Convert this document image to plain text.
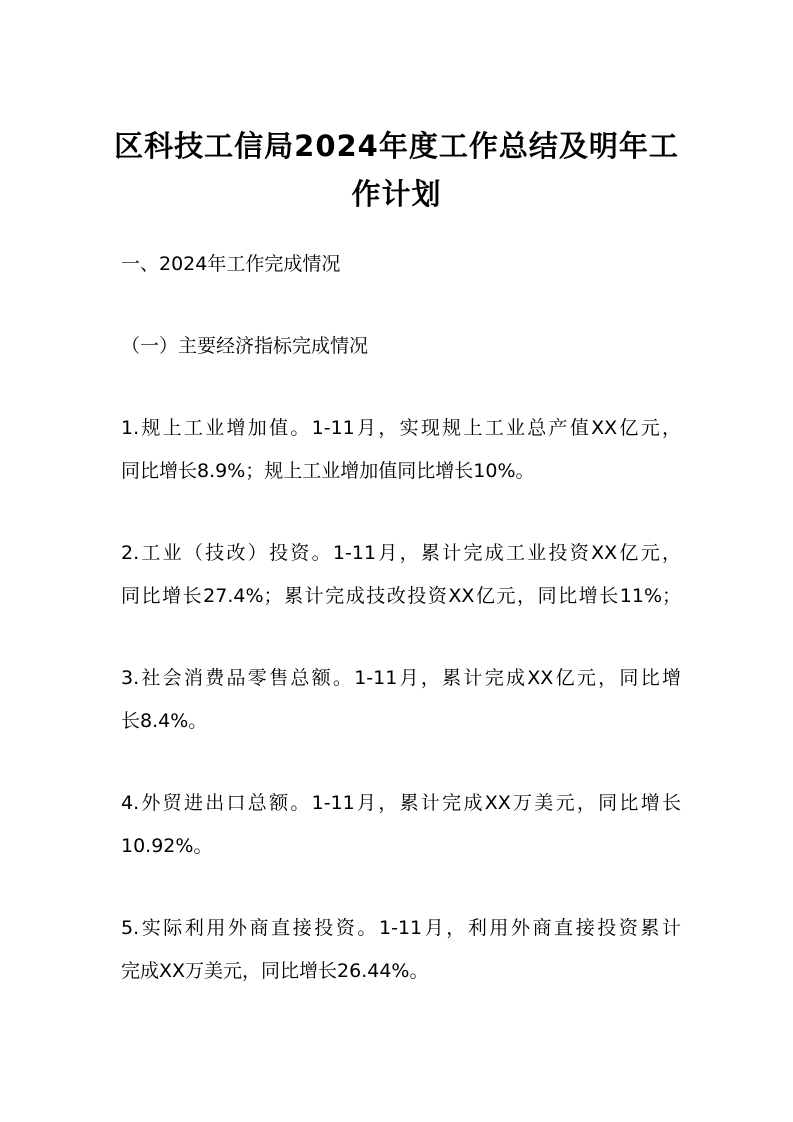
区科技工信局2024年度工作总结及明年工
作计划

一、2024年工作完成情况

（一）主要经济指标完成情况

1.规上工业增加值。1-11月，实现规上工业总产值XX亿元，

同比增长8.9%；规上工业增加值同比增长10%。

2.工业（技改）投资。1-11月，累计完成工业投资XX亿元，

同比增长27.4%；累计完成技改投资XX亿元，同比增长11%；

3.社会消费品零售总额。1-11月，累计完成XX亿元，同比增

长8.4%。

4.外贸进出口总额。1-11月，累计完成XX万美元，同比增长

10.92%。

5.实际利用外商直接投资。1-11月，利用外商直接投资累计

完成XX万美元，同比增长26.44%。
